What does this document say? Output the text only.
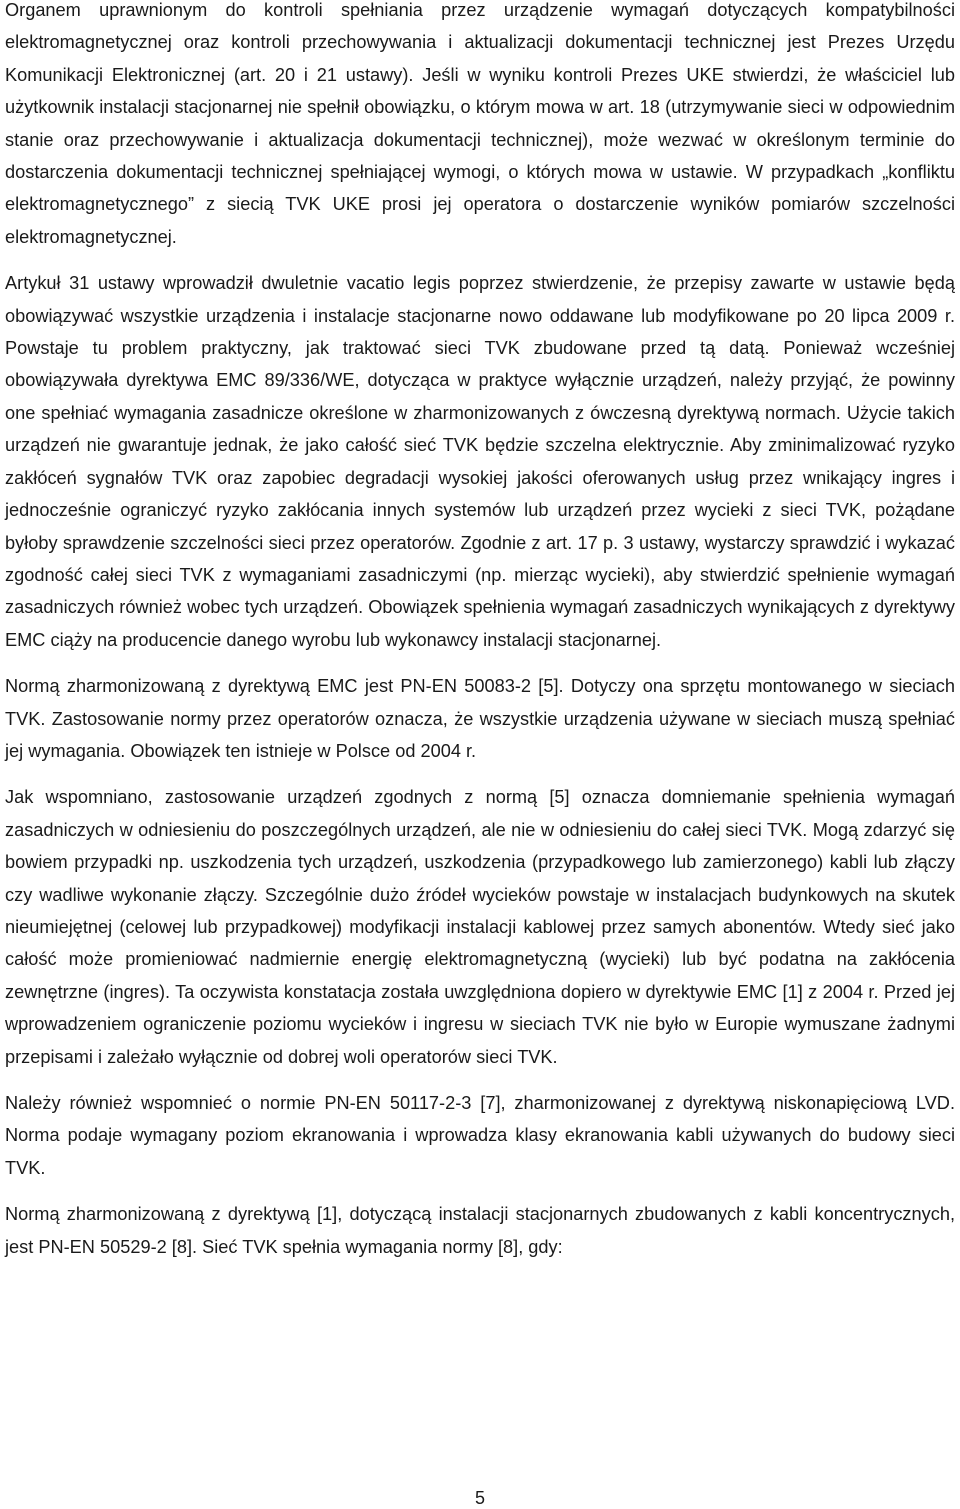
Organem uprawnionym do kontroli spełniania przez urządzenie wymagań dotyczących kompatybilności elektromagnetycznej oraz kontroli przechowywania i aktualizacji dokumentacji technicznej jest Prezes Urzędu Komunikacji Elektronicznej (art. 20 i 21 ustawy). Jeśli w wyniku kontroli Prezes UKE stwierdzi, że właściciel lub użytkownik instalacji stacjonarnej nie spełnił obowiązku, o którym mowa w art. 18 (utrzymywanie sieci w odpowiednim stanie oraz przechowywanie i aktualizacja dokumentacji technicznej), może wezwać w określonym terminie do dostarczenia dokumentacji technicznej spełniającej wymogi, o których mowa w ustawie. W przypadkach „konfliktu elektromagnetycznego” z siecią TVK UKE prosi jej operatora o dostarczenie wyników pomiarów szczelności elektromagnetycznej.

Artykuł 31 ustawy wprowadził dwuletnie vacatio legis poprzez stwierdzenie, że przepisy zawarte w ustawie będą obowiązywać wszystkie urządzenia i instalacje stacjonarne nowo oddawane lub modyfikowane po 20 lipca 2009 r. Powstaje tu problem praktyczny, jak traktować sieci TVK zbudowane przed tą datą. Ponieważ wcześniej obowiązywała dyrektywa EMC 89/336/WE, dotycząca w praktyce wyłącznie urządzeń, należy przyjąć, że powinny one spełniać wymagania zasadnicze określone w zharmonizowanych z ówczesną dyrektywą normach. Użycie takich urządzeń nie gwarantuje jednak, że jako całość sieć TVK będzie szczelna elektrycznie. Aby zminimalizować ryzyko zakłóceń sygnałów TVK oraz zapobiec degradacji wysokiej jakości oferowanych usług przez wnikający ingres i jednocześnie ograniczyć ryzyko zakłócania innych systemów lub urządzeń przez wycieki z sieci TVK, pożądane byłoby sprawdzenie szczelności sieci przez operatorów. Zgodnie z art. 17 p. 3 ustawy, wystarczy sprawdzić i wykazać zgodność całej sieci TVK z wymaganiami zasadniczymi (np. mierząc wycieki), aby stwierdzić spełnienie wymagań zasadniczych również wobec tych urządzeń. Obowiązek spełnienia wymagań zasadniczych wynikających z dyrektywy EMC ciąży na producencie danego wyrobu lub wykonawcy instalacji stacjonarnej.

Normą zharmonizowaną z dyrektywą EMC jest PN-EN 50083-2 [5]. Dotyczy ona sprzętu montowanego w sieciach TVK. Zastosowanie normy przez operatorów oznacza, że wszystkie urządzenia używane w sieciach muszą spełniać jej wymagania. Obowiązek ten istnieje w Polsce od 2004 r.

Jak wspomniano, zastosowanie urządzeń zgodnych z normą [5] oznacza domniemanie spełnienia wymagań zasadniczych w odniesieniu do poszczególnych urządzeń, ale nie w odniesieniu do całej sieci TVK. Mogą zdarzyć się bowiem przypadki np. uszkodzenia tych urządzeń, uszkodzenia (przypadkowego lub zamierzonego) kabli lub złączy czy wadliwe wykonanie złączy. Szczególnie dużo źródeł wycieków powstaje w instalacjach budynkowych na skutek nieumiejętnej (celowej lub przypadkowej) modyfikacji instalacji kablowej przez samych abonentów. Wtedy sieć jako całość może promieniować nadmiernie energię elektromagnetyczną (wycieki) lub być podatna na zakłócenia zewnętrzne (ingres). Ta oczywista konstatacja została uwzględniona dopiero w dyrektywie EMC [1] z 2004 r. Przed jej wprowadzeniem ograniczenie poziomu wycieków i ingresu w sieciach TVK nie było w Europie wymuszane żadnymi przepisami i zależało wyłącznie od dobrej woli operatorów sieci TVK.

Należy również wspomnieć o normie PN-EN 50117-2-3 [7], zharmonizowanej z dyrektywą niskonapięciową LVD. Norma podaje wymagany poziom ekranowania i wprowadza klasy ekranowania kabli używanych do budowy sieci TVK.

Normą zharmonizowaną z dyrektywą [1], dotyczącą instalacji stacjonarnych zbudowanych z kabli koncentrycznych, jest PN-EN 50529-2 [8]. Sieć TVK spełnia wymagania normy [8], gdy:

5
